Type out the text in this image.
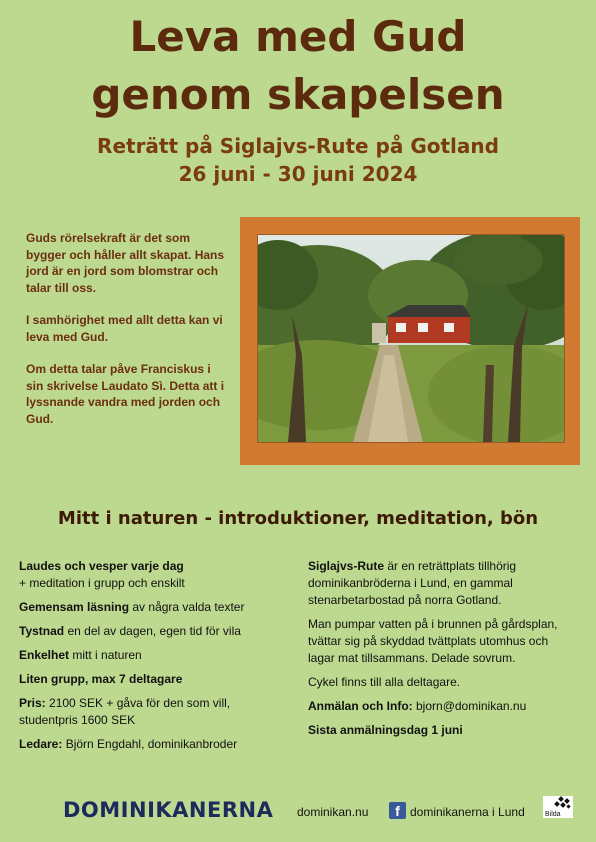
Leva med Gud
genom skapelsen
Reträtt på Siglajvs-Rute på Gotland
26 juni - 30 juni 2024

Guds rörelsekraft är det som bygger och håller allt skapat. Hans jord är en jord som blomstrar och talar till oss.

I samhörighet med allt detta kan vi leva med Gud.

Om detta talar påve Franciskus i sin skrivelse Laudato Sì. Detta att i lyssnande vandra med jorden och Gud.

Mitt i naturen - introduktioner, meditation, bön
Laudes och vesper varje dag
+ meditation i grupp och enskilt
Gemensam läsning av några valda texter
Tystnad en del av dagen, egen tid för vila
Enkelhet mitt i naturen
Liten grupp, max 7 deltagare
Pris: 2100 SEK + gåva för den som vill, studentpris 1600 SEK
Ledare: Björn Engdahl, dominikanbroder
Siglajvs-Rute är en reträttplats tillhörig dominikanbröderna i Lund, en gammal stenarbetarbostad på norra Gotland.
Man pumpar vatten på i brunnen på gårdsplan, tvättar sig på skyddad tvättplats utomhus och lagar mat tillsammans. Delade sovrum.
Cykel finns till alla deltagare.
Anmälan och Info: bjorn@dominikan.nu
Sista anmälningsdag 1 juni
DOMINIKANERNA dominikan.nu	f dominikanerna i Lund	Bilda
